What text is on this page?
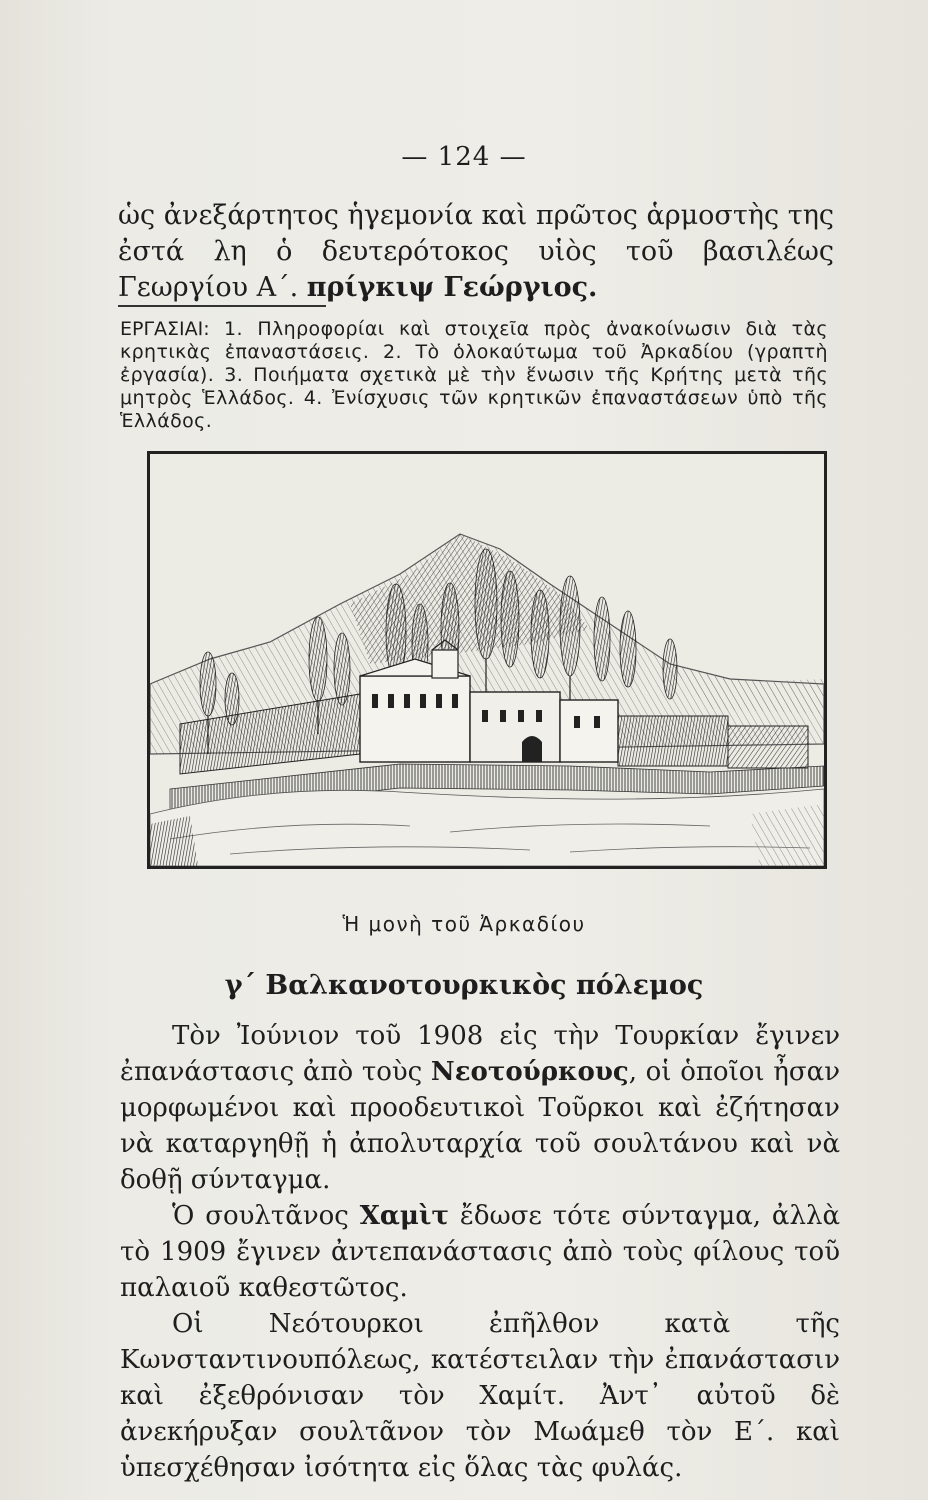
— 124 —

ὡς ἀνεξάρτητος ἡγεμονία καὶ πρῶτος ἁρμοστὴς της ἐστά λη ὁ δευτερότοκος υἱὸς τοῦ βασιλέως Γεωργίου Α΄. πρίγκιψ Γεώργιος.

ΕΡΓΑΣΙΑΙ: 1. Πληροφορίαι καὶ στοιχεῖα πρὸς ἀνακοίνωσιν διὰ τὰς κρητικὰς ἐπαναστάσεις. 2. Τὸ ὁλοκαύτωμα τοῦ Ἀρκαδίου (γραπτὴ ἐργασία). 3. Ποιήματα σχετικὰ μὲ τὴν ἕνωσιν τῆς Κρήτης μετὰ τῆς μητρὸς Ἑλλάδος. 4. Ἐνίσχυσις τῶν κρητικῶν ἐπαναστάσεων ὑπὸ τῆς Ἑλλάδος.

Ἡ μονὴ τοῦ Ἀρκαδίου
γ΄ Βαλκανοτουρκικὸς πόλεμος

Τὸν Ἰούνιον τοῦ 1908 εἰς τὴν Τουρκίαν ἔγινεν ἐπανάστασις ἀπὸ τοὺς Νεοτούρκους, οἱ ὁποῖοι ἦσαν μορφωμένοι καὶ προοδευτικοὶ Τοῦρκοι καὶ ἐζήτησαν νὰ καταργηθῇ ἡ ἀπολυταρχία τοῦ σουλτάνου καὶ νὰ δοθῇ σύνταγμα.

Ὁ σουλτᾶνος Χαμὶτ ἔδωσε τότε σύνταγμα, ἀλλὰ τὸ 1909 ἔγινεν ἀντεπανάστασις ἀπὸ τοὺς φίλους τοῦ παλαιοῦ καθεστῶτος.

Οἱ Νεότουρκοι ἐπῆλθον κατὰ τῆς Κωνσταντινουπόλεως, κατέστειλαν τὴν ἐπανάστασιν καὶ ἐξεθρόνισαν τὸν Χαμίτ. Ἀντ᾽ αὐτοῦ δὲ ἀνεκήρυξαν σουλτᾶνον τὸν Μωάμεθ τὸν Ε΄. καὶ ὑπεσχέθησαν ἰσότητα εἰς ὅλας τὰς φυλάς.
